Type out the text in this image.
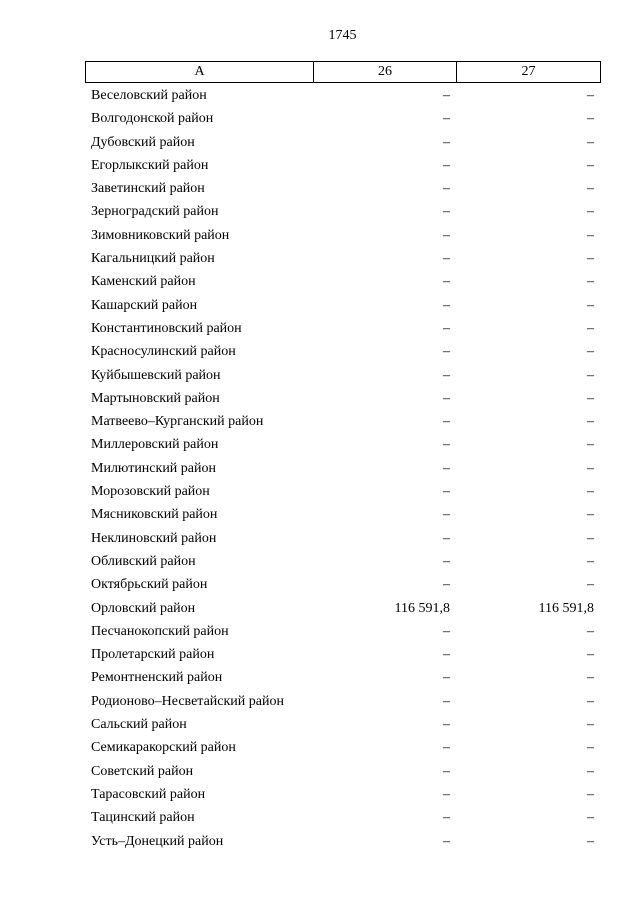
1745
А	26	27
Веселовский район	–	–
Волгодонской район	–	–
Дубовский район	–	–
Егорлыкский район	–	–
Заветинский район	–	–
Зерноградский район	–	–
Зимовниковский район	–	–
Кагальницкий район	–	–
Каменский район	–	–
Кашарский район	–	–
Константиновский район	–	–
Красносулинский район	–	–
Куйбышевский район	–	–
Мартыновский район	–	–
Матвеево–Курганский район	–	–
Миллеровский район	–	–
Милютинский район	–	–
Морозовский район	–	–
Мясниковский район	–	–
Неклиновский район	–	–
Обливский район	–	–
Октябрьский район	–	–
Орловский район	116 591,8	116 591,8
Песчанокопский район	–	–
Пролетарский район	–	–
Ремонтненский район	–	–
Родионово–Несветайский район	–	–
Сальский район	–	–
Семикаракорский район	–	–
Советский район	–	–
Тарасовский район	–	–
Тацинский район	–	–
Усть–Донецкий район	–	–
